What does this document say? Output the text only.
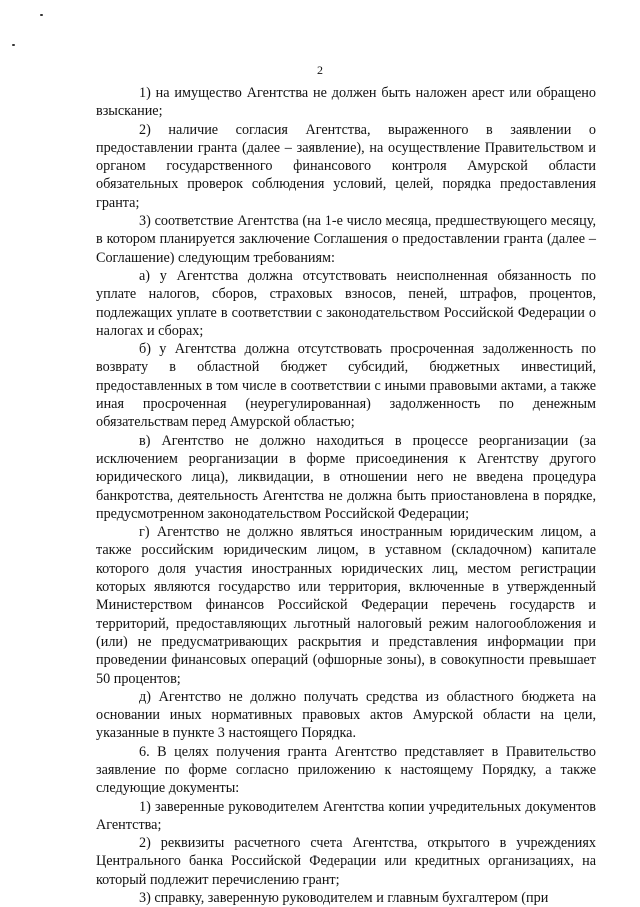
2

1) на имущество Агентства не должен быть наложен арест или обращено взыскание;

2) наличие согласия Агентства, выраженного в заявлении о предоставлении гранта (далее – заявление), на осуществление Правительством и органом государственного финансового контроля Амурской области обязательных проверок соблюдения условий, целей, порядка предоставления гранта;

3) соответствие Агентства (на 1-е число месяца, предшествующего месяцу, в котором планируется заключение Соглашения о предоставлении гранта (далее – Соглашение) следующим требованиям:

а) у Агентства должна отсутствовать неисполненная обязанность по уплате налогов, сборов, страховых взносов, пеней, штрафов, процентов, подлежащих уплате в соответствии с законодательством Российской Федерации о налогах и сборах;

б) у Агентства должна отсутствовать просроченная задолженность по возврату в областной бюджет субсидий, бюджетных инвестиций, предоставленных в том числе в соответствии с иными правовыми актами, а также иная просроченная (неурегулированная) задолженность по денежным обязательствам перед Амурской областью;

в) Агентство не должно находиться в процессе реорганизации (за исключением реорганизации в форме присоединения к Агентству другого юридического лица), ликвидации, в отношении него не введена процедура банкротства, деятельность Агентства не должна быть приостановлена в порядке, предусмотренном законодательством Российской Федерации;

г) Агентство не должно являться иностранным юридическим лицом, а также российским юридическим лицом, в уставном (складочном) капитале которого доля участия иностранных юридических лиц, местом регистрации которых являются государство или территория, включенные в утвержденный Министерством финансов Российской Федерации перечень государств и территорий, предоставляющих льготный налоговый режим налогообложения и (или) не предусматривающих раскрытия и представления информации при проведении финансовых операций (офшорные зоны), в совокупности превышает 50 процентов;

д) Агентство не должно получать средства из областного бюджета на основании иных нормативных правовых актов Амурской области на цели, указанные в пункте 3 настоящего Порядка.

6. В целях получения гранта Агентство представляет в Правительство заявление по форме согласно приложению к настоящему Порядку, а также следующие документы:

1) заверенные руководителем Агентства копии учредительных документов Агентства;

2) реквизиты расчетного счета Агентства, открытого в учреждениях Центрального банка Российской Федерации или кредитных организациях, на который подлежит перечислению грант;

3) справку, заверенную руководителем и главным бухгалтером (при
